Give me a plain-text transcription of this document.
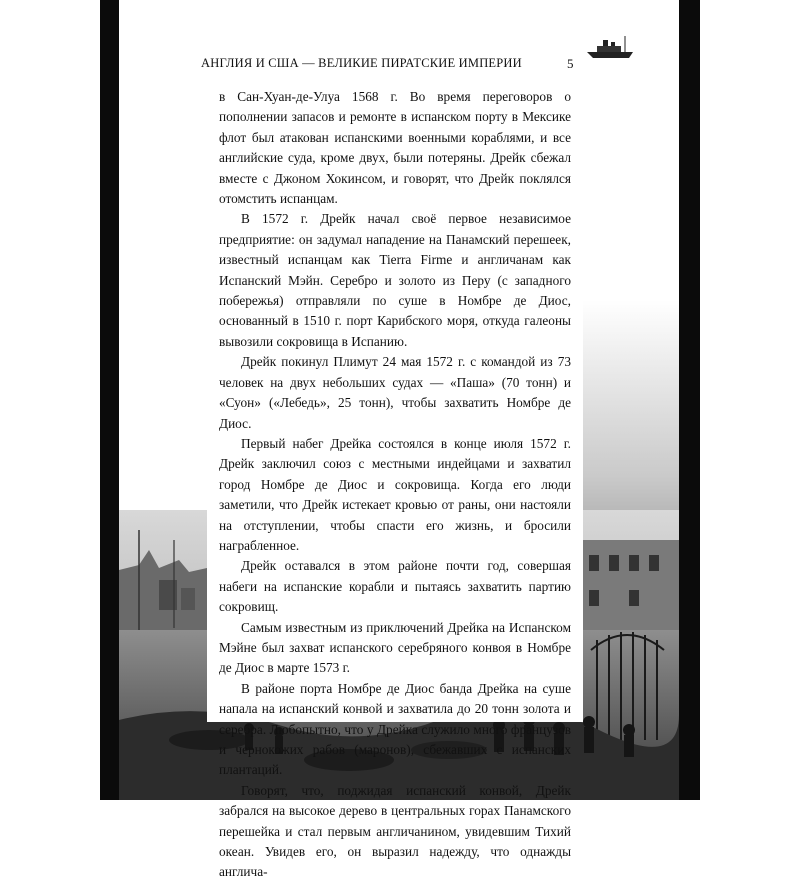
АНГЛИЯ И США — ВЕЛИКИЕ ПИРАТСКИЕ ИМПЕРИИ	5

в Сан-Хуан-де-Улуа 1568 г. Во время переговоров о пополнении запасов и ремонте в испанском порту в Мексике флот был атакован испанскими военными кораблями, и все английские суда, кроме двух, были потеряны. Дрейк сбежал вместе с Джоном Хокинсом, и говорят, что Дрейк поклялся отомстить испанцам.

В 1572 г. Дрейк начал своё первое независимое предприятие: он задумал нападение на Панамский перешеек, известный испанцам как Tierra Firme и англичанам как Испанский Мэйн. Серебро и золото из Перу (с западного побережья) отправляли по суше в Номбре де Диос, основанный в 1510 г. порт Карибского моря, откуда галеоны вывозили сокровища в Испанию.

Дрейк покинул Плимут 24 мая 1572 г. с командой из 73 человек на двух небольших судах — «Паша» (70 тонн) и «Суон» («Лебедь», 25 тонн), чтобы захватить Номбре де Диос.

Первый набег Дрейка состоялся в конце июля 1572 г. Дрейк заключил союз с местными индейцами и захватил город Номбре де Диос и сокровища. Когда его люди заметили, что Дрейк истекает кровью от раны, они настояли на отступлении, чтобы спасти его жизнь, и бросили награбленное.

Дрейк оставался в этом районе почти год, совершая набеги на испанские корабли и пытаясь захватить партию сокровищ.

Самым известным из приключений Дрейка на Испанском Мэйне был захват испанского серебряного конвоя в Номбре де Диос в марте 1573 г.

В районе порта Номбре де Диос банда Дрейка на суше напала на испанский конвой и захватила до 20 тонн золота и серебра. Любопытно, что у Дрейка служило много французов и чернокожих рабов (маронов), сбежавших с испанских плантаций.

Говорят, что, поджидая испанский конвой, Дрейк забрался на высокое дерево в центральных горах Панамского перешейка и стал первым англичанином, увидевшим Тихий океан. Увидев его, он выразил надежду, что однажды англича-
